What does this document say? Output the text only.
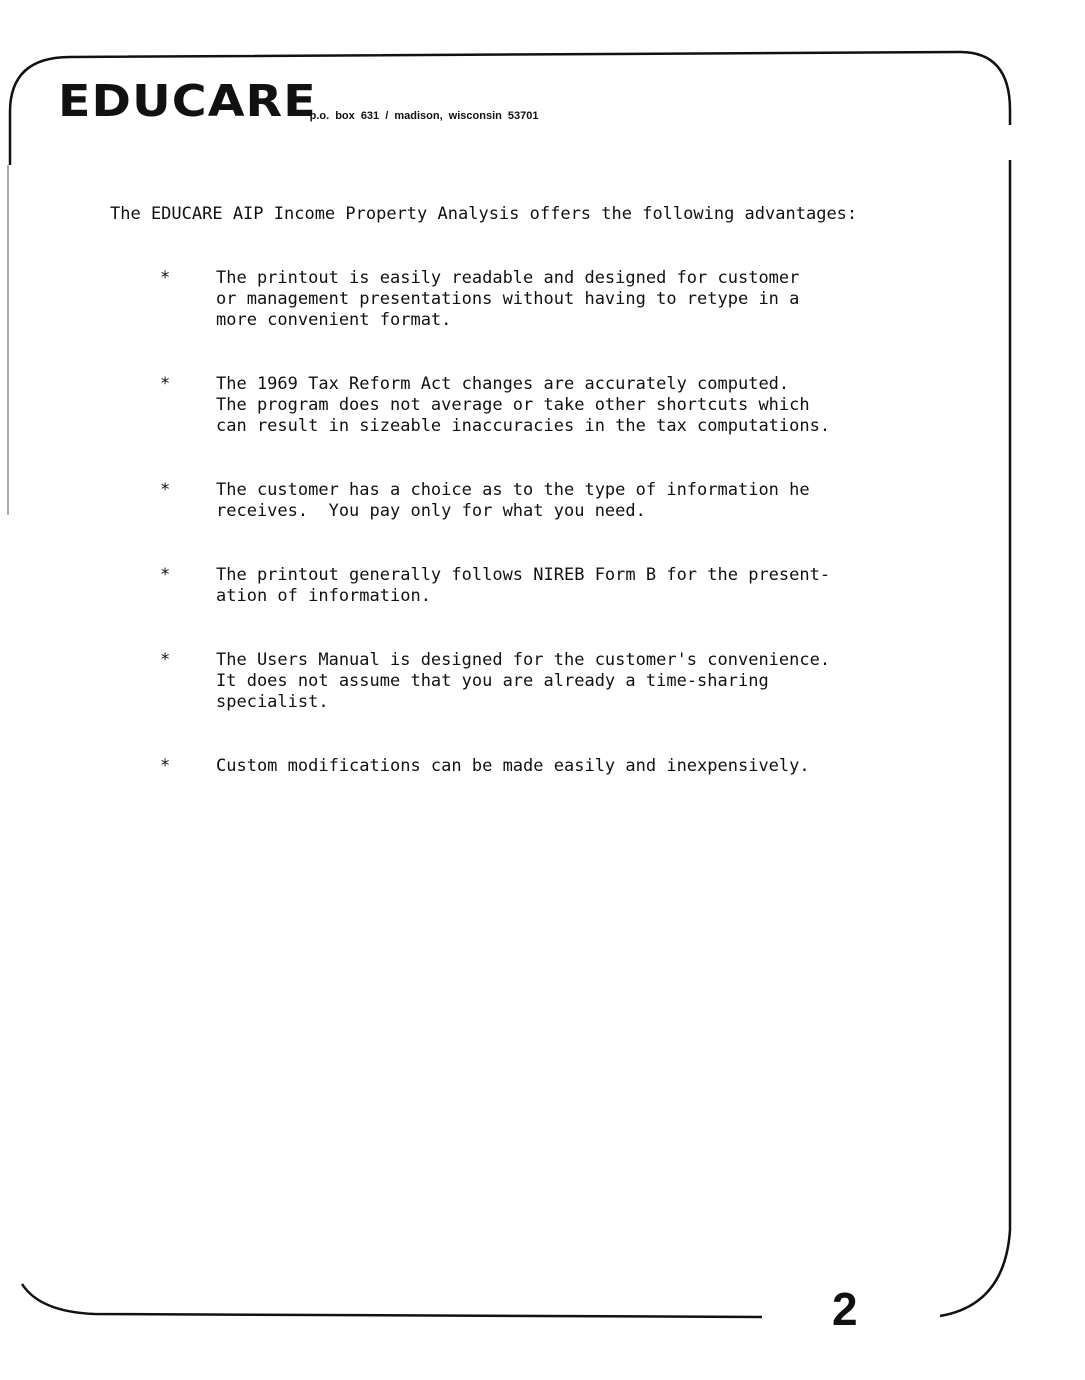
EDUCARE
p.o. box 631 / madison, wisconsin 53701
The EDUCARE AIP Income Property Analysis offers the following advantages:
*	The printout is easily readable and designed for customer
or management presentations without having to retype in a
more convenient format.
*	The 1969 Tax Reform Act changes are accurately computed.
The program does not average or take other shortcuts which
can result in sizeable inaccuracies in the tax computations.
*	The customer has a choice as to the type of information he
receives.  You pay only for what you need.
*	The printout generally follows NIREB Form B for the present-
ation of information.
*	The Users Manual is designed for the customer's convenience.
It does not assume that you are already a time-sharing
specialist.
*	Custom modifications can be made easily and inexpensively.
2
